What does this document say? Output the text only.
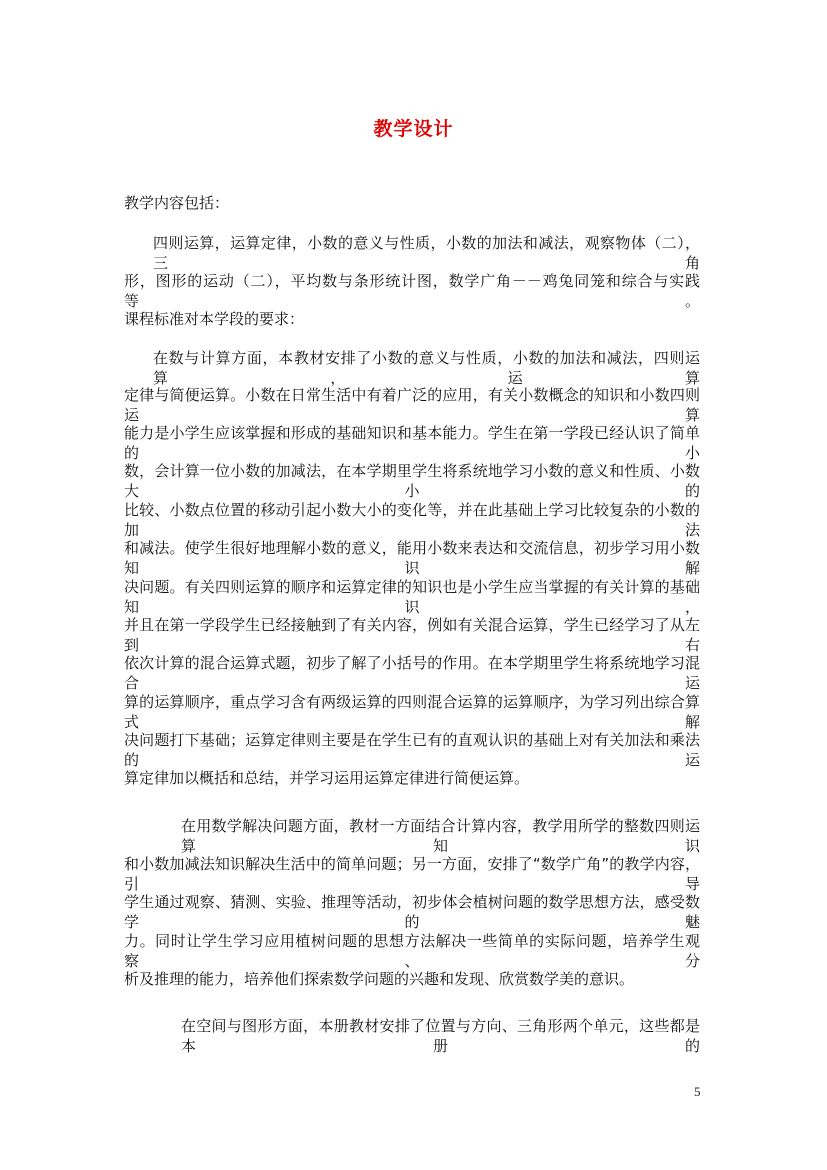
教学设计
教学内容包括：
四则运算，运算定律，小数的意义与性质，小数的加法和减法，观察物体（二），三角
形，图形的运动（二），平均数与条形统计图，数学广角－－鸡兔同笼和综合与实践等。
课程标准对本学段的要求：
在数与计算方面，本教材安排了小数的意义与性质，小数的加法和减法，四则运算，运算
定律与简便运算。小数在日常生活中有着广泛的应用，有关小数概念的知识和小数四则运算
能力是小学生应该掌握和形成的基础知识和基本能力。学生在第一学段已经认识了简单的小
数，会计算一位小数的加减法，在本学期里学生将系统地学习小数的意义和性质、小数大小的
比较、小数点位置的移动引起小数大小的变化等，并在此基础上学习比较复杂的小数的加法
和减法。使学生很好地理解小数的意义，能用小数来表达和交流信息，初步学习用小数知识解
决问题。有关四则运算的顺序和运算定律的知识也是小学生应当掌握的有关计算的基础知识，
并且在第一学段学生已经接触到了有关内容，例如有关混合运算，学生已经学习了从左到右
依次计算的混合运算式题，初步了解了小括号的作用。在本学期里学生将系统地学习混合运
算的运算顺序，重点学习含有两级运算的四则混合运算的运算顺序，为学习列出综合算式解
决问题打下基础；运算定律则主要是在学生已有的直观认识的基础上对有关加法和乘法的运
算定律加以概括和总结，并学习运用运算定律进行简便运算。
在用数学解决问题方面，教材一方面结合计算内容，教学用所学的整数四则运算知识
和小数加减法知识解决生活中的简单问题；另一方面，安排了“数学广角”的教学内容，引导
学生通过观察、猜测、实验、推理等活动，初步体会植树问题的数学思想方法，感受数学的魅
力。同时让学生学习应用植树问题的思想方法解决一些简单的实际问题，培养学生观察、分
析及推理的能力，培养他们探索数学问题的兴趣和发现、欣赏数学美的意识。
在空间与图形方面，本册教材安排了位置与方向、三角形两个单元，这些都是本册的
5
